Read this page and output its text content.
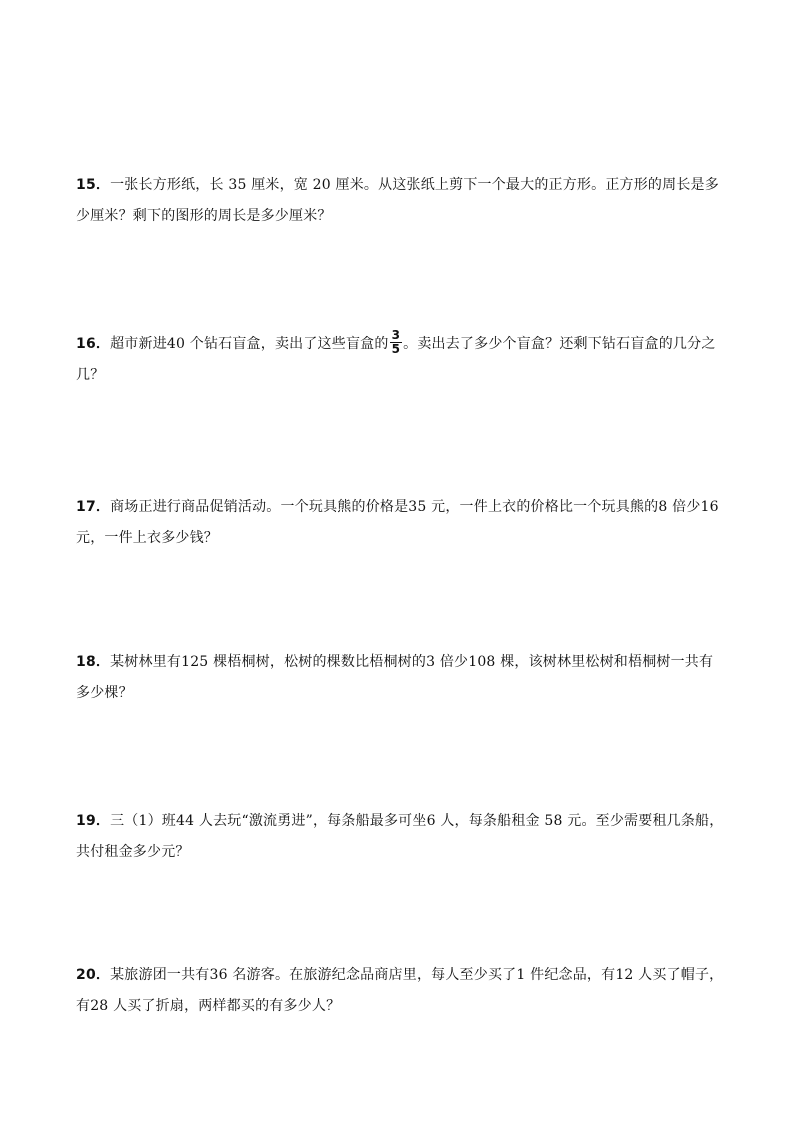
15．一张长方形纸，长 35 厘米，宽 20 厘米。从这张纸上剪下一个最大的正方形。正方形的周长是多少厘米？剩下的图形的周长是多少厘米？
16．超市新进40 个钻石盲盒，卖出了这些盲盒的 $\frac{3}{5}$ 。卖出去了多少个盲盒？还剩下钻石盲盒的几分之几？
17．商场正进行商品促销活动。一个玩具熊的价格是35 元，一件上衣的价格比一个玩具熊的8 倍少16 元，一件上衣多少钱？
18．某树林里有125 棵梧桐树，松树的棵数比梧桐树的3 倍少108 棵，该树林里松树和梧桐树一共有多少棵？
19．三（1）班44 人去玩“激流勇进”，每条船最多可坐6 人，每条船租金 58 元。至少需要租几条船，共付租金多少元？
20．某旅游团一共有36 名游客。在旅游纪念品商店里，每人至少买了1 件纪念品，有12 人买了帽子，有28 人买了折扇，两样都买的有多少人？
